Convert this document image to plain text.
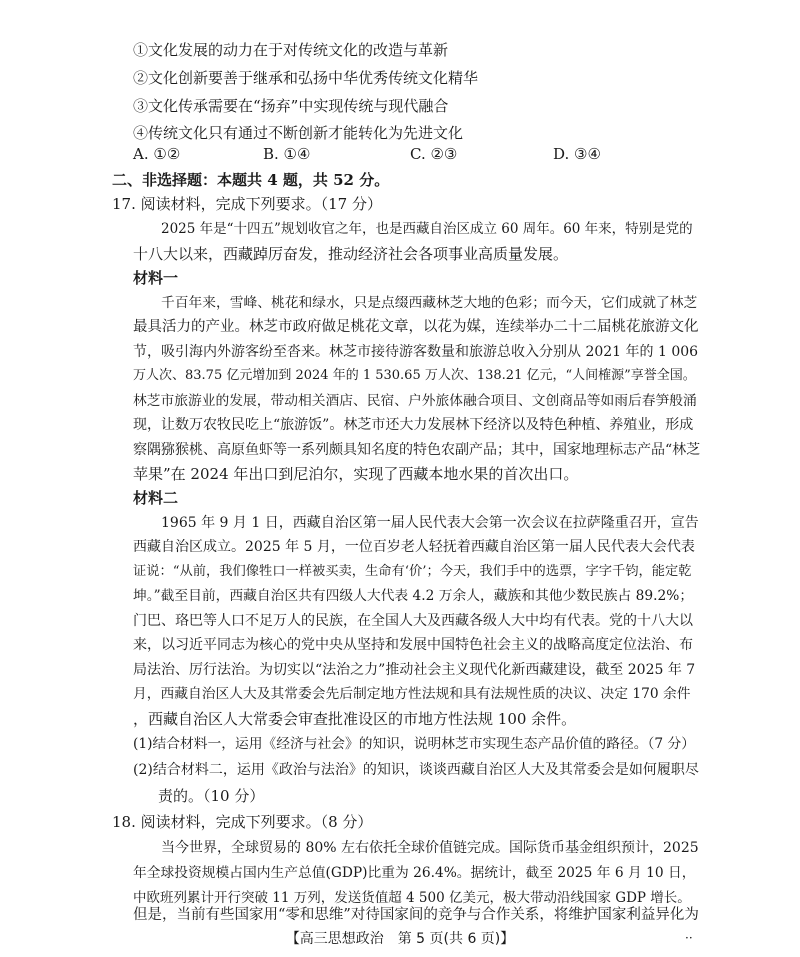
①文化发展的动力在于对传统文化的改造与革新
②文化创新要善于继承和弘扬中华优秀传统文化精华
③文化传承需要在“扬弃”中实现传统与现代融合
④传统文化只有通过不断创新才能转化为先进文化
A. ①②	B. ①④	C. ②③	D. ③④
二、非选择题：本题共 4 题，共 52 分。
17. 阅读材料，完成下列要求。（17 分）
2025 年是“十四五”规划收官之年，也是西藏自治区成立 60 周年。60 年来，特别是党的
十八大以来，西藏踔厉奋发，推动经济社会各项事业高质量发展。
材料一
千百年来，雪峰、桃花和绿水，只是点缀西藏林芝大地的色彩；而今天，它们成就了林芝
最具活力的产业。林芝市政府做足桃花文章，以花为媒，连续举办二十二届桃花旅游文化
节，吸引海内外游客纷至沓来。林芝市接待游客数量和旅游总收入分别从 2021 年的 1 006
万人次、83.75 亿元增加到 2024 年的 1 530.65 万人次、138.21 亿元，“人间榷源”享誉全国。
林芝市旅游业的发展，带动相关酒店、民宿、户外旅体融合项目、文创商品等如雨后春笋般涌
现，让数万农牧民吃上“旅游饭”。林芝市还大力发展林下经济以及特色种植、养殖业，形成
察隅猕猴桃、高原鱼虾等一系列颇具知名度的特色农副产品；其中，国家地理标志产品“林芝
苹果”在 2024 年出口到尼泊尔，实现了西藏本地水果的首次出口。
材料二
1965 年 9 月 1 日，西藏自治区第一届人民代表大会第一次会议在拉萨隆重召开，宣告
西藏自治区成立。2025 年 5 月，一位百岁老人轻抚着西藏自治区第一届人民代表大会代表
证说：“从前，我们像牲口一样被买卖，生命有‘价’；今天，我们手中的选票，字字千钧，能定乾
坤。”截至目前，西藏自治区共有四级人大代表 4.2 万余人，藏族和其他少数民族占 89.2%；
门巴、珞巴等人口不足万人的民族，在全国人大及西藏各级人大中均有代表。党的十八大以
来，以习近平同志为核心的党中央从坚持和发展中国特色社会主义的战略高度定位法治、布
局法治、厉行法治。为切实以“法治之力”推动社会主义现代化新西藏建设，截至 2025 年 7
月，西藏自治区人大及其常委会先后制定地方性法规和具有法规性质的决议、决定 170 余件
，西藏自治区人大常委会审查批准设区的市地方性法规 100 余件。
(1)结合材料一，运用《经济与社会》的知识，说明林芝市实现生态产品价值的路径。（7 分）
(2)结合材料二，运用《政治与法治》的知识，谈谈西藏自治区人大及其常委会是如何履职尽
责的。（10 分）
18. 阅读材料，完成下列要求。（8 分）
当今世界，全球贸易的 80% 左右依托全球价值链完成。国际货币基金组织预计，2025
年全球投资规模占国内生产总值(GDP)比重为 26.4%。据统计，截至 2025 年 6 月 10 日，
中欧班列累计开行突破 11 万列，发送货值超 4 500 亿美元，极大带动沿线国家 GDP 增长。
【高三思想政治　第 5 页(共 6 页)】	··
但是，当前有些国家用“零和思维”对待国家间的竞争与合作关系，将维护国家利益异化为
